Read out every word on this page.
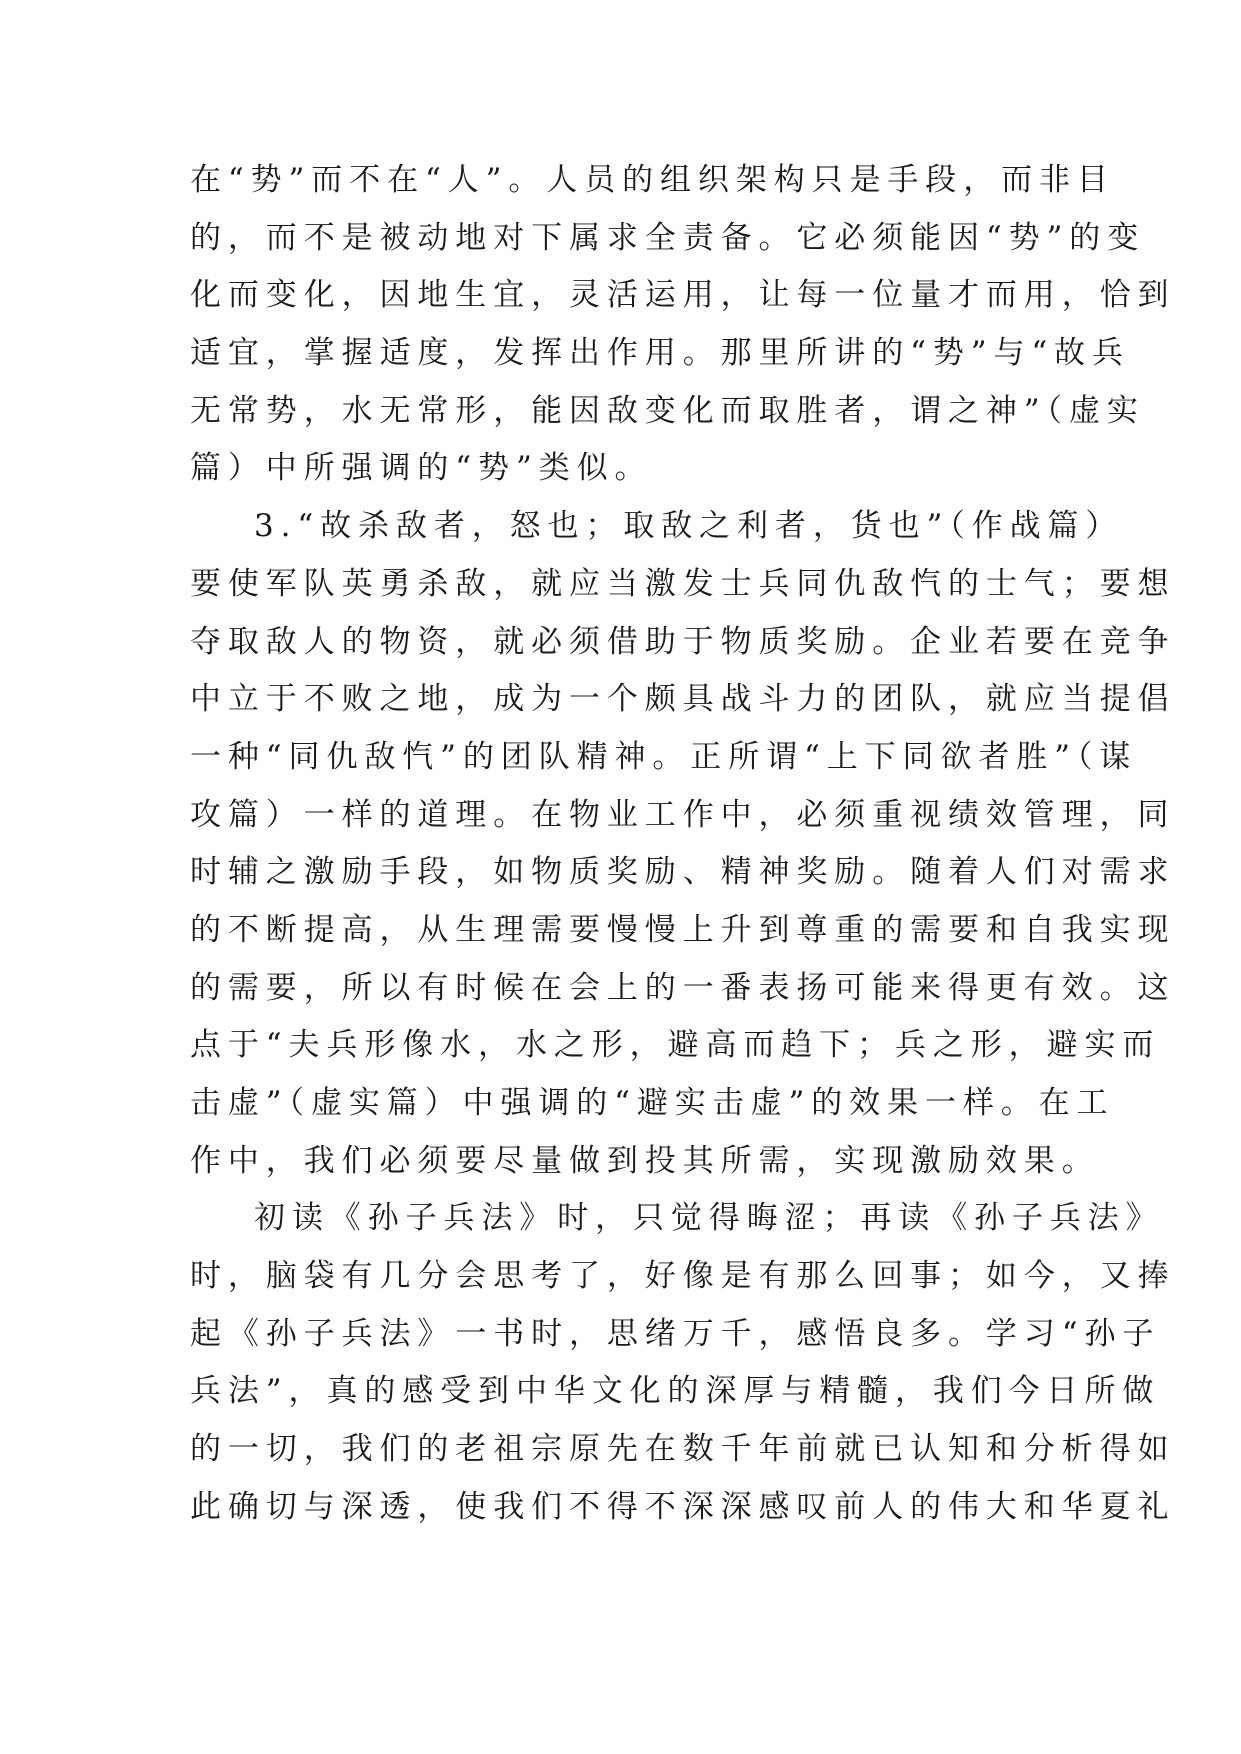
在“势”而不在“人”。人员的组织架构只是手段，而非目
的，而不是被动地对下属求全责备。它必须能因“势”的变
化而变化，因地生宜，灵活运用，让每一位量才而用，恰到
适宜，掌握适度，发挥出作用。那里所讲的“势”与“故兵
无常势，水无常形，能因敌变化而取胜者，谓之神”（虚实
篇）中所强调的“势”类似。
3.“故杀敌者，怒也；取敌之利者，货也”（作战篇）
要使军队英勇杀敌，就应当激发士兵同仇敌忾的士气；要想
夺取敌人的物资，就必须借助于物质奖励。企业若要在竞争
中立于不败之地，成为一个颇具战斗力的团队，就应当提倡
一种“同仇敌忾”的团队精神。正所谓“上下同欲者胜”（谋
攻篇）一样的道理。在物业工作中，必须重视绩效管理，同
时辅之激励手段，如物质奖励、精神奖励。随着人们对需求
的不断提高，从生理需要慢慢上升到尊重的需要和自我实现
的需要，所以有时候在会上的一番表扬可能来得更有效。这
点于“夫兵形像水，水之形，避高而趋下；兵之形，避实而
击虚”（虚实篇）中强调的“避实击虚”的效果一样。在工
作中，我们必须要尽量做到投其所需，实现激励效果。
初读《孙子兵法》时，只觉得晦涩；再读《孙子兵法》
时，脑袋有几分会思考了，好像是有那么回事；如今，又捧
起《孙子兵法》一书时，思绪万千，感悟良多。学习“孙子
兵法”，真的感受到中华文化的深厚与精髓，我们今日所做
的一切，我们的老祖宗原先在数千年前就已认知和分析得如
此确切与深透，使我们不得不深深感叹前人的伟大和华夏礼
